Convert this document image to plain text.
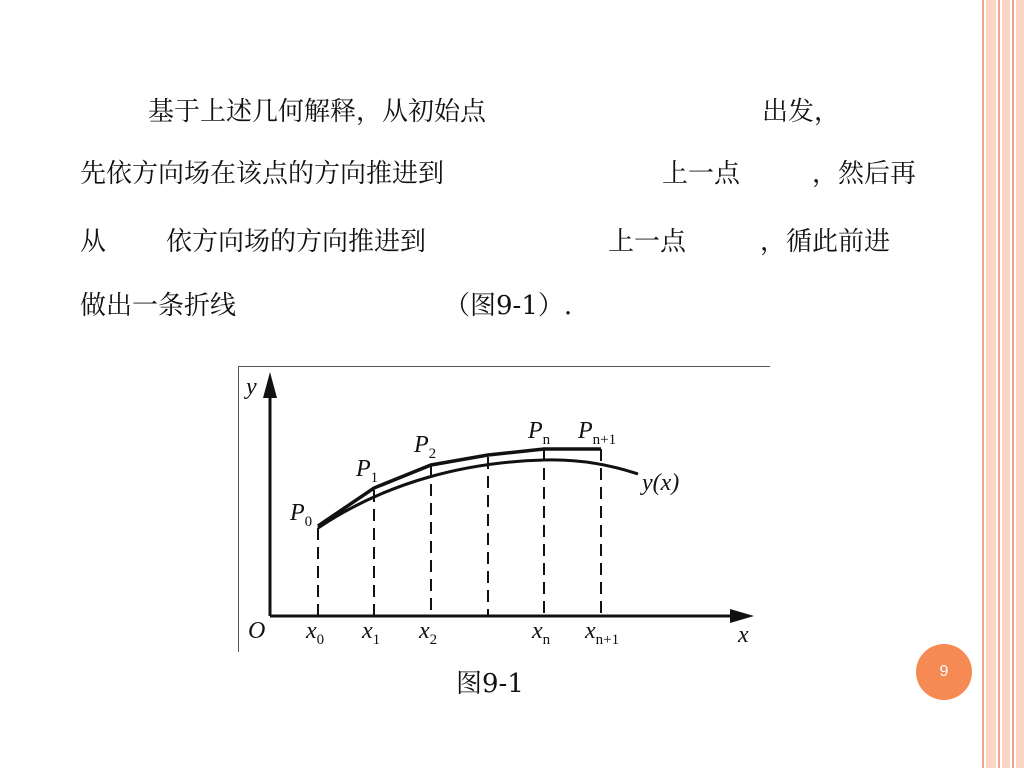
基于上述几何解释，从初始点	出发，
先依方向场在该点的方向推进到	上一点	，然后再
从 依方向场的方向推进到	上一点	，循此前进
做出一条折线	（图9-1）.
y
x
O
y(x)
$P_0$
$P_1$
$P_2$
$P_n$ $P_{n+1}$
$x_0$ $x_1$ $x_2$	$x_n$ $x_{n+1}$
图9-1	9
